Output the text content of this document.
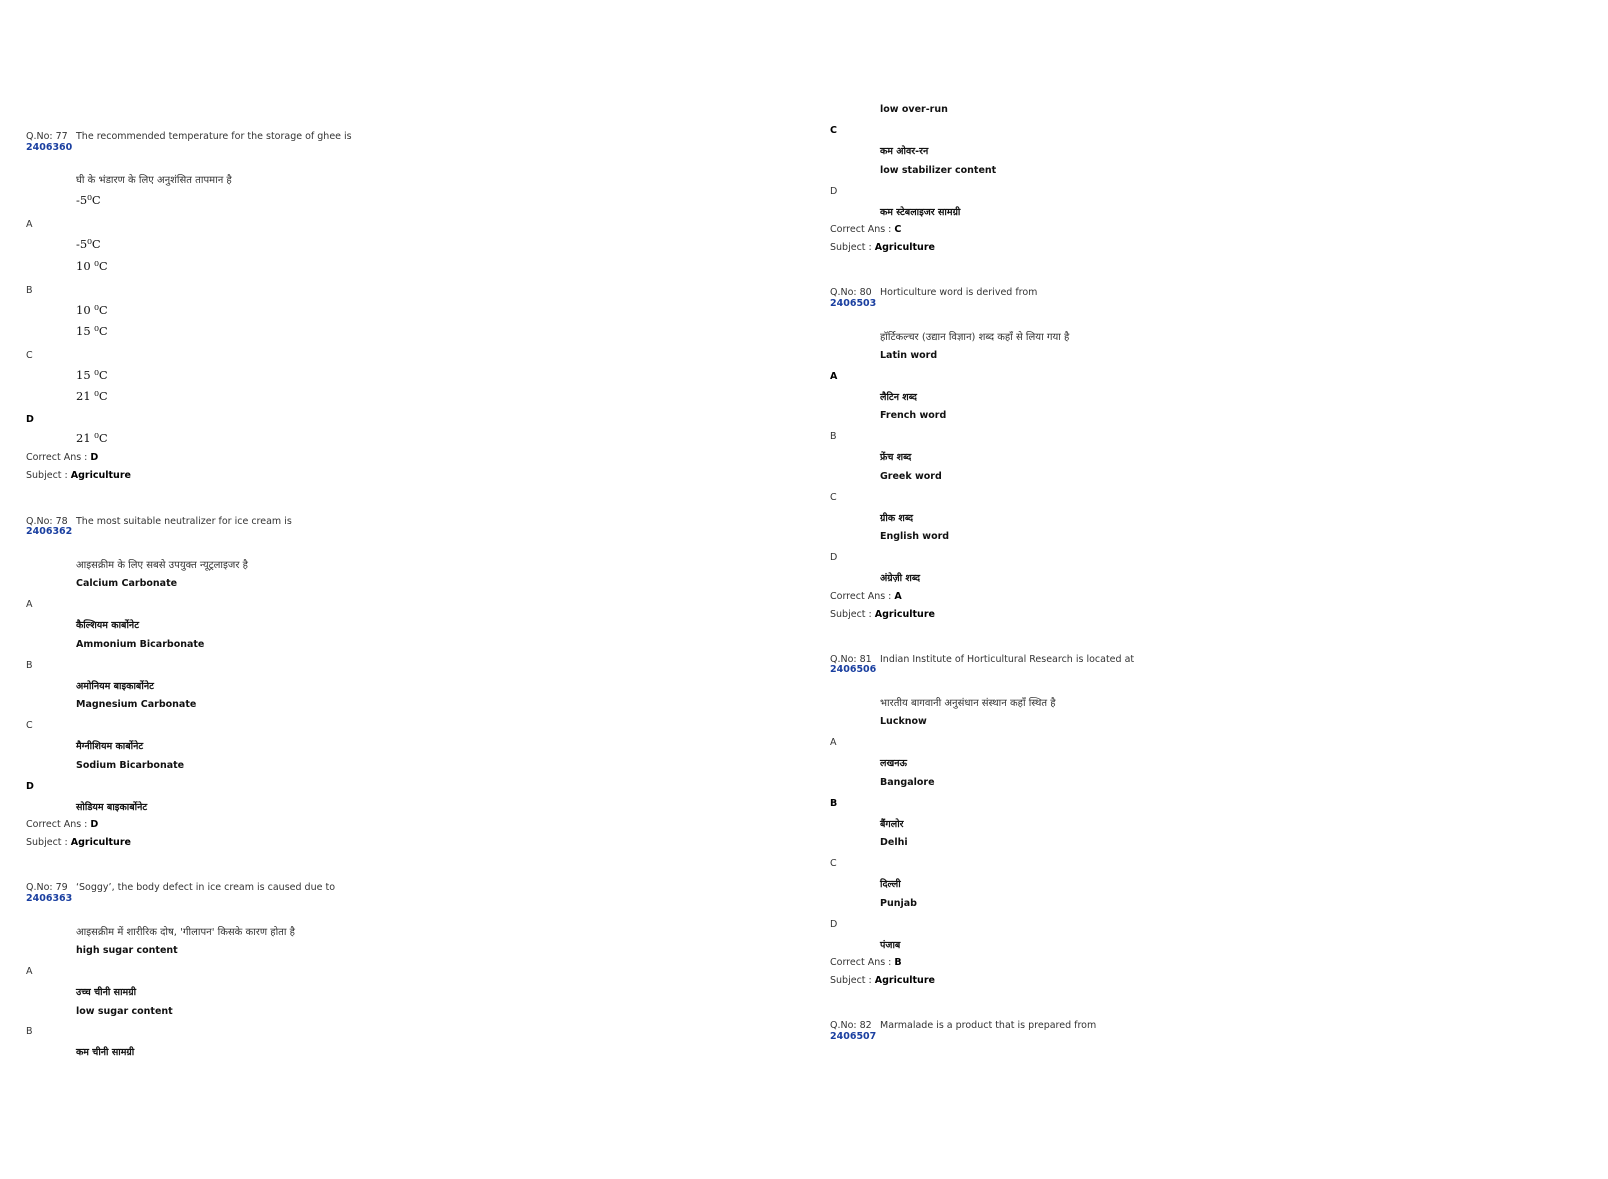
Q.No: 77
2406360
The recommended temperature for the storage of ghee is
घी के भंडारण के लिए अनुशंसित तापमान है
-5⁰C
A
-5⁰C
10 ⁰C
B
10 ⁰C
15 ⁰C
C
15 ⁰C
21 ⁰C
D
21 ⁰C
Correct Ans : D
Subject : Agriculture
Q.No: 78
2406362
The most suitable neutralizer for ice cream is
आइसक्रीम के लिए सबसे उपयुक्त न्यूट्रलाइजर है
Calcium Carbonate
A
कैल्शियम कार्बोनेट
Ammonium Bicarbonate
B
अमोनियम बाइकार्बोनेट
Magnesium Carbonate
C
मैग्नीशियम कार्बोनेट
Sodium Bicarbonate
D
सोडियम बाइकार्बोनेट
Correct Ans : D
Subject : Agriculture
Q.No: 79
2406363
‘Soggy’, the body defect in ice cream is caused due to
आइसक्रीम में शारीरिक दोष, 'गीलापन' किसके कारण होता है
high sugar content
A
उच्च चीनी सामग्री
low sugar content
B
कम चीनी सामग्री
low over-run
C
कम ओवर-रन
low stabilizer content
D
कम स्टेबलाइजर सामग्री
Correct Ans : C
Subject : Agriculture
Q.No: 80
2406503
Horticulture word is derived from
हॉर्टिकल्चर (उद्यान विज्ञान) शब्द कहाँ से लिया गया है
Latin word
A
लैटिन शब्द
French word
B
फ्रेंच शब्द
Greek word
C
ग्रीक शब्द
English word
D
अंग्रेज़ी शब्द
Correct Ans : A
Subject : Agriculture
Q.No: 81
2406506
Indian Institute of Horticultural Research is located at
भारतीय बागवानी अनुसंधान संस्थान कहाँ स्थित है
Lucknow
A
लखनऊ
Bangalore
B
बैंगलोर
Delhi
C
दिल्ली
Punjab
D
पंजाब
Correct Ans : B
Subject : Agriculture
Q.No: 82
2406507
Marmalade is a product that is prepared from
